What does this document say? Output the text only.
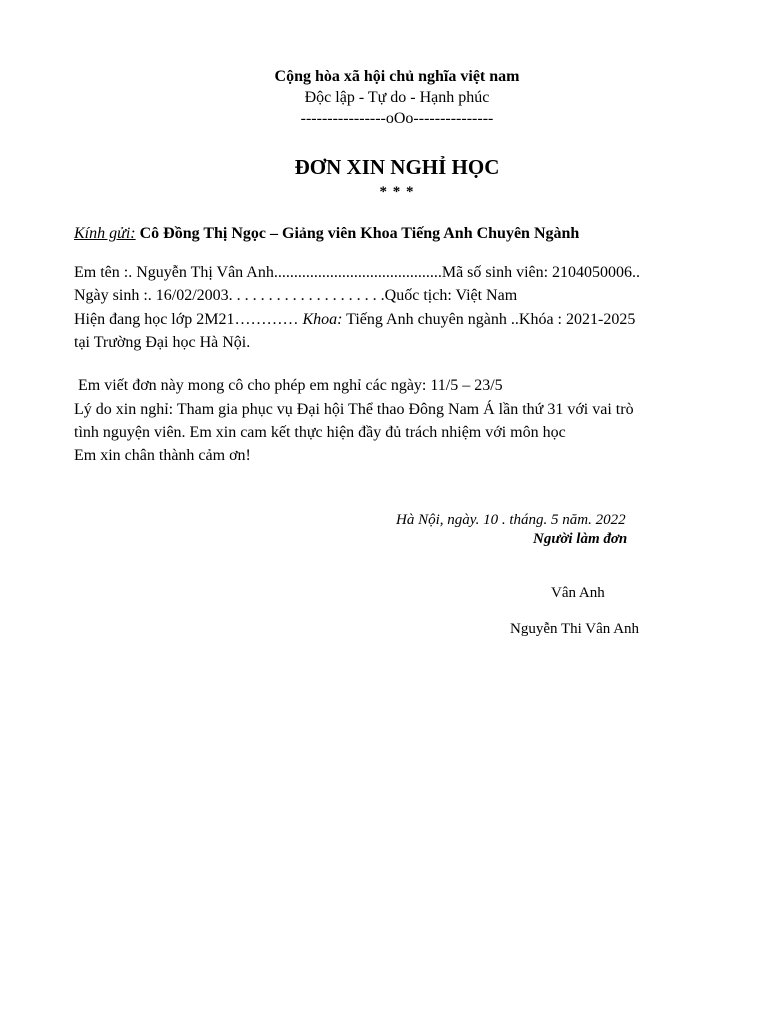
Cộng hòa xã hội chủ nghĩa việt nam
Độc lập - Tự do - Hạnh phúc
----------------oOo---------------
ĐƠN XIN NGHỈ HỌC
* * *
Kính gửi: Cô Đồng Thị Ngọc – Giảng viên Khoa Tiếng Anh Chuyên Ngành
Em tên :. Nguyễn Thị Vân Anh..........................................Mã số sinh viên: 2104050006..
Ngày sinh :. 16/02/2003. . . . . . . . . . . . . . . . . . . .Quốc tịch: Việt Nam
Hiện đang học lớp 2M21………… Khoa: Tiếng Anh chuyên ngành ..Khóa : 2021-2025
tại Trường Đại học Hà Nội.
Em viết đơn này mong cô cho phép em nghỉ các ngày: 11/5 – 23/5
Lý do xin nghỉ: Tham gia phục vụ Đại hội Thể thao Đông Nam Á lần thứ 31 với vai trò
tình nguyện viên. Em xin cam kết thực hiện đầy đủ trách nhiệm với môn học
Em xin chân thành cảm ơn!
Hà Nội, ngày. 10 . tháng. 5 năm. 2022
Người làm đơn
Vân Anh
Nguyễn Thi Vân Anh
